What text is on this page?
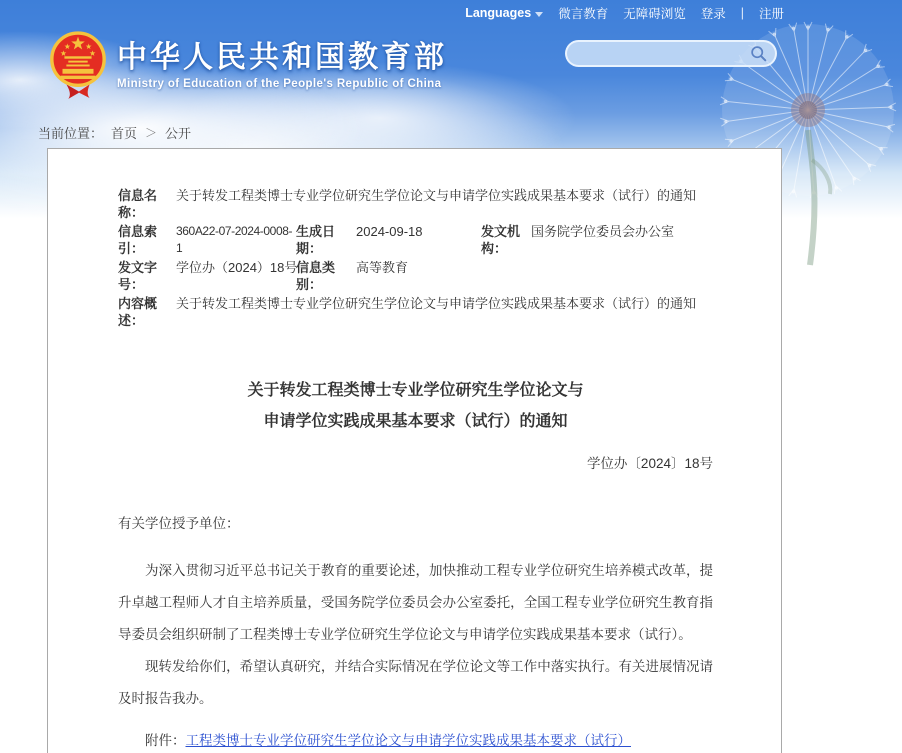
Languages 微言教育 无障碍浏览 登录 | 注册
中华人民共和国教育部
Ministry of Education of the People's Republic of China
当前位置： 首页 ＞ 公开
信息名称：
关于转发工程类博士专业学位研究生学位论文与申请学位实践成果基本要求（试行）的通知
信息索引：
360A22-07-2024-0008-1
生成日期：
2024-09-18	发文机构：
国务院学位委员会办公室
发文字号：
学位办（2024）18号
信息类别：
高等教育
内容概述：
关于转发工程类博士专业学位研究生学位论文与申请学位实践成果基本要求（试行）的通知
关于转发工程类博士专业学位研究生学位论文与
申请学位实践成果基本要求（试行）的通知
学位办〔2024〕18号
有关学位授予单位：

为深入贯彻习近平总书记关于教育的重要论述，加快推动工程专业学位研究生培养模式改革，提升卓越工程师人才自主培养质量，受国务院学位委员会办公室委托，全国工程专业学位研究生教育指导委员会组织研制了工程类博士专业学位研究生学位论文与申请学位实践成果基本要求（试行）。

现转发给你们，希望认真研究，并结合实际情况在学位论文等工作中落实执行。有关进展情况请及时报告我办。

附件：工程类博士专业学位研究生学位论文与申请学位实践成果基本要求（试行）
